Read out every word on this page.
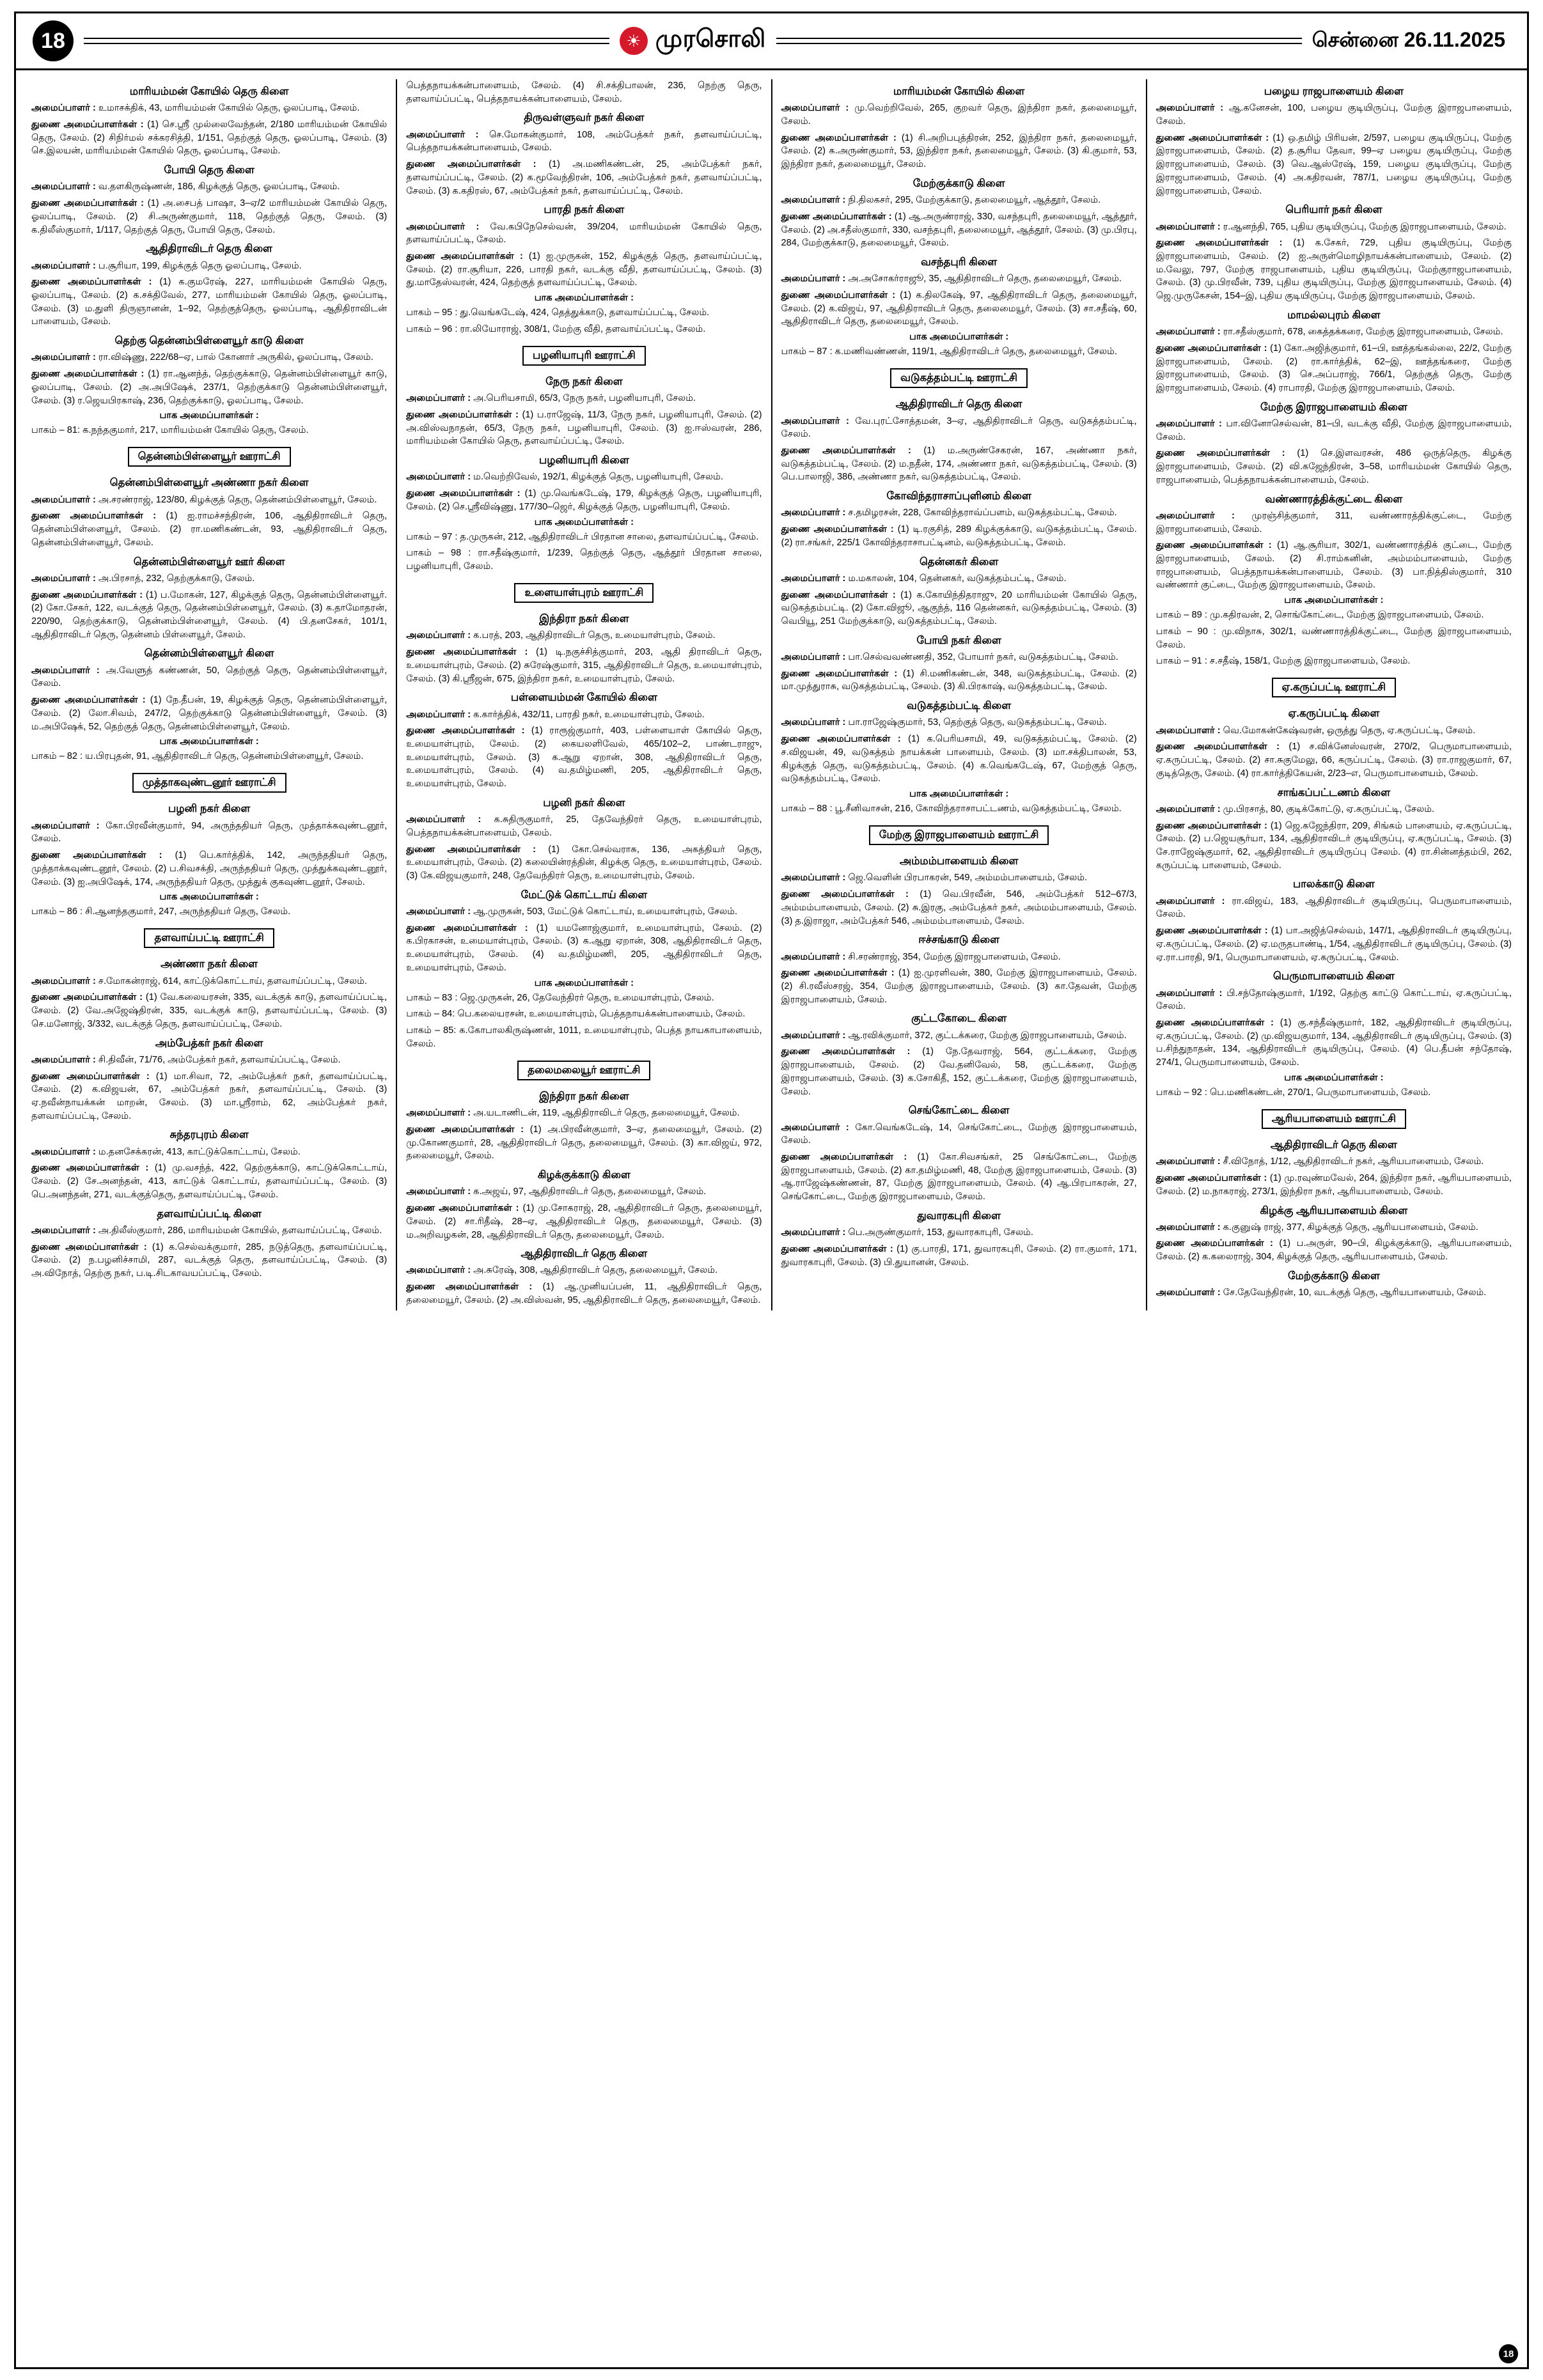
18	☀ முரசொலி	சென்னை 26.11.2025
மாரியம்மன் கோயில் தெரு கிளை

அமைப்பாளர் : உமாசக்திக், 43, மாரியம்மன் கோயில் தெரு, ஓலப்பாடி, சேலம்.

துணை அமைப்பாளர்கள் : (1) செ.ஸ்ரீ முல்லைவேந்தன், 2/180 மாரியம்மன் கோயில் தெரு, சேலம். (2) சிநிர்மல் சக்கரசித்தி, 1/151, தெற்குத் தெரு, ஓலப்பாடி, சேலம். (3) செ.இலயன், மாரியம்மன் கோயில் தெரு, ஓலப்பாடி, சேலம்.

போயி தெரு கிளை

அமைப்பாளர் : வ.தளகிருஷ்ணன், 186, கிழக்குத் தெரு, ஓலப்பாடி, சேலம்.

துணை அமைப்பாளர்கள் : (1) அ.சைபத் பாஷா, 3–ஏ/2 மாரியம்மன் கோயில் தெரு, ஓலப்பாடி, சேலம். (2) சி.அருண்குமார், 118, தெற்குத் தெரு, சேலம். (3) க.திலீஸ்குமார், 1/117, தெற்குத் தெரு, போயி தெரு, சேலம்.

ஆதிதிராவிடர் தெரு கிளை

அமைப்பாளர் : ப.சூரியா, 199, கிழக்குத் தெரு ஓலப்பாடி, சேலம்.

துணை அமைப்பாளர்கள் : (1) க.குமரேஷ், 227, மாரியம்மன் கோயில் தெரு, ஓலப்பாடி, சேலம். (2) க.சக்திவேல், 277, மாரியம்மன் கோயில் தெரு, ஓலப்பாடி, சேலம். (3) ம.துளி திருஞானன், 1–92, தெற்குத்தெரு, ஓலப்பாடி, ஆதிதிராவிடன் பாளையம், சேலம்.

தெற்கு தென்னம்பிள்ளையூர் காடு கிளை

அமைப்பாளர் : ரா.விஷ்ணு, 222/68–ஏ, பால் கோனார் அருகில், ஓலப்பாடி, சேலம்.

துணை அமைப்பாளர்கள் : (1) ரா.ஆனந்த், தெற்குக்காடு, தென்னம்பிள்ளையூர் காடு, ஓலப்பாடி, சேலம். (2) அ.அபிஷேக், 237/1, தெற்குக்காடு தென்னம்பிள்ளையூர், சேலம். (3) ர.ஜெயபிரகாஷ், 236, தெற்குக்காடு, ஓலப்பாடி, சேலம்.

பாக அமைப்பாளர்கள் :

பாகம் – 81: க.நந்தகுமார், 217, மாரியம்மன் கோயில் தெரு, சேலம்.

தென்னம்பிள்ளையூர் ஊராட்சி
தென்னம்பிள்ளையூர் அண்ணா நகர் கிளை

அமைப்பாளர் : அ.சரண்ராஜ், 123/80, கிழக்குத் தெரு, தென்னம்பிள்ளையூர், சேலம்.

துணை அமைப்பாளர்கள் : (1) ஐ.ராமச்சந்திரன், 106, ஆதிதிராவிடர் தெரு, தென்னம்பிள்ளையூர், சேலம். (2) ரா.மணிகண்டன், 93, ஆதிதிராவிடர் தெரு, தென்னம்பிள்ளையூர், சேலம்.

தென்னம்பிள்ளையூர் ஊர் கிளை

அமைப்பாளர் : அ.பிரசாத், 232, தெற்குக்காடு, சேலம்.

துணை அமைப்பாளர்கள் : (1) ப.மோகன், 127, கிழக்குத் தெரு, தென்னம்பிள்ளையூர். (2) கோ.சேகர், 122, வடக்குத் தெரு, தென்னம்பிள்ளையூர், சேலம். (3) க.தாமோதரன், 220/90, தெற்குக்காடு, தென்னம்பிள்ளையூர், சேலம். (4) பி.தனசேகர், 101/1, ஆதிதிராவிடர் தெரு, தென்னம் பிள்ளையூர், சேலம்.

தென்னம்பிள்ளையூர் கிளை

அமைப்பாளர் : அ.வேளுத் கண்ணன், 50, தெற்குத் தெரு, தென்னம்பிள்ளையூர், சேலம்.

துணை அமைப்பாளர்கள் : (1) நே.தீபன், 19, கிழக்குத் தெரு, தென்னம்பிள்ளையூர், சேலம். (2) லோ.சிவம், 247/2, தெற்குக்காடு தென்னம்பிள்ளையூர், சேலம். (3) ம.அபிஷேக், 52, தெற்குத் தெரு, தென்னம்பிள்ளையூர், சேலம்.

பாக அமைப்பாளர்கள் :

பாகம் – 82 : ய.பிரபுதன், 91, ஆதிதிராவிடர் தெரு, தென்னம்பிள்ளையூர், சேலம்.

முத்தாகவுண்டனூர் ஊராட்சி
பழனி நகர் கிளை

அமைப்பாளர் : கோ.பிரவீன்குமார், 94, அருந்ததியர் தெரு, முத்தாக்கவுண்டனூர், சேலம்.

துணை அமைப்பாளர்கள் : (1) பெ.கார்த்திக், 142, அருந்ததியர் தெரு, முத்தாக்கவுண்டனூர், சேலம். (2) ப.சிவசக்தி, அருந்ததியர் தெரு, முத்துக்கவுண்டனூர், சேலம். (3) ஐ.அபிஷேக், 174, அருந்ததியர் தெரு, முத்துக் குகவுண்டனூர், சேலம்.

பாக அமைப்பாளர்கள் :

பாகம் – 86 : சி.ஆனந்தகுமார், 247, அருந்ததியர் தெரு, சேலம்.

தளவாய்பட்டி ஊராட்சி
அண்ணா நகர் கிளை

அமைப்பாளர் : ச.மோகன்ராஜ், 614, காட்டுக்கொட்டாய், தளவாய்ப்பட்டி, சேலம்.

துணை அமைப்பாளர்கள் : (1) வே.கலையரசன், 335, வடக்குக் காடு, தளவாய்ப்பட்டி, சேலம். (2) வே.அஜேஷ்திரன், 335, வடக்குக் காடு, தளவாய்ப்பட்டி, சேலம். (3) செ.மனோஜ், 3/332, வடக்குத் தெரு, தளவாய்ப்பட்டி, சேலம்.

அம்பேத்கர் நகர் கிளை

அமைப்பாளர் : சி.திவீன், 71/76, அம்பேத்கர் நகர், தளவாய்ப்பட்டி, சேலம்.

துணை அமைப்பாளர்கள் : (1) மா.சிவா, 72, அம்பேத்கர் நகர், தளவாய்ப்பட்டி, சேலம். (2) க.விஜயன், 67, அம்பேத்கர் நகர், தளவாய்ப்பட்டி, சேலம். (3) ஏ.நவீன்நாயக்கன் மாறன், சேலம். (3) மா.ஸ்ரீராம், 62, அம்பேத்கர் நகர், தளவாய்ப்பட்டி, சேலம்.

சுந்தரபுரம் கிளை

அமைப்பாளர் : ம.தனசேக்கரன், 413, காட்டுக்கொட்டாய், சேலம்.

துணை அமைப்பாளர்கள் : (1) மு.வசந்த், 422, தெற்குக்காடு, காட்டுக்கொட்டாய், சேலம். (2) சே.அனந்தன், 413, காட்டுக் கொட்டாய், தளவாய்ப்பட்டி, சேலம். (3) பெ.அனந்தன், 271, வடக்குத்தெரு, தளவாய்ப்பட்டி, சேலம்.

தளவாய்ப்பட்டி கிளை

அமைப்பாளர் : அ.திலீஸ்குமார், 286, மாரியம்மன் கோயில், தளவாய்ப்பட்டி, சேலம்.

துணை அமைப்பாளர்கள் : (1) க.செல்வக்குமார், 285, நடுத்தெரு, தளவாய்ப்பட்டி, சேலம். (2) ந.பழனிச்சாமி, 287, வடக்குத் தெரு, தளவாய்ப்பட்டி, சேலம். (3) அ.விநோத், தெற்கு நகர், ப.டி.சிடகாவயப்பட்டி, சேலம்.

பெத்தநாயக்கன்பாளையம், சேலம். (4) சி.சக்திபாலன், 236, நெற்கு தெரு, தளவாய்ப்பட்டி, பெத்தநாயக்கன்பாளையம், சேலம்.

திருவள்ளுவர் நகர் கிளை

அமைப்பாளர் : செ.மோகன்குமார், 108, அம்பேத்கர் நகர், தளவாய்ப்பட்டி, பெத்தநாயக்கன்பாளையம், சேலம்.

துணை அமைப்பாளர்கள் : (1) அ.மணிகண்டன், 25, அம்பேத்கர் நகர், தளவாய்ப்பட்டி, சேலம். (2) க.மூவேந்திரன், 106, அம்பேத்கர் நகர், தளவாய்ப்பட்டி, சேலம். (3) க.கதிரஸ், 67, அம்பேத்கர் நகர், தளவாய்ப்பட்டி, சேலம்.

பாரதி நகர் கிளை

அமைப்பாளர் : வே.கபிநேசெல்வன், 39/204, மாரியம்மன் கோயில் தெரு, தளவாய்ப்பட்டி, சேலம்.

துணை அமைப்பாளர்கள் : (1) ஐ.முருகன், 152, கிழக்குத் தெரு, தளவாய்ப்பட்டி, சேலம். (2) ரா.சூரியா, 226, பாரதி நகர், வடக்கு வீதி, தளவாய்ப்பட்டி, சேலம். (3) து.மாதேஸ்வரன், 424, தெற்குத் தளவாய்ப்பட்டி, சேலம்.

பாக அமைப்பாளர்கள் :

பாகம் – 95 : து.வெங்கடேஷ், 424, தெத்துக்காடு, தளவாய்ப்பட்டி, சேலம்.

பாகம் – 96 : ரா.லியோராஜ், 308/1, மேற்கு வீதி, தளவாய்ப்பட்டி, சேலம்.

பழனியாபுரி ஊராட்சி
நேரு நகர் கிளை

அமைப்பாளர் : அ.பெரியசாமி, 65/3, நேரு நகர், பழனியாபுரி, சேலம்.

துணை அமைப்பாளர்கள் : (1) ப.ராஜேஷ், 11/3, நேரு நகர், பழனியாபுரி, சேலம். (2) அ.விஸ்வநாதன், 65/3, நேரு நகர், பழனியாபுரி, சேலம். (3) ஐ.ஈஸ்வரன், 286, மாரியம்மன் கோயில் தெரு, தளவாய்ப்பட்டி, சேலம்.

பழனியாபுரி கிளை

அமைப்பாளர் : ம.வெற்றிவேல், 192/1, கிழக்குத் தெரு, பழனியாபுரி, சேலம்.

துணை அமைப்பாளர்கள் : (1) மு.வெங்கடேஷ், 179, கிழக்குத் தெரு, பழனியாபுரி, சேலம். (2) செ.ஸ்ரீவிஷ்ணு, 177/30–ஜெர், கிழக்குத் தெரு, பழனியாபுரி, சேலம்.

பாக அமைப்பாளர்கள் :

பாகம் – 97 : த.முருகன், 212, ஆதிதிராவிடர் பிரதான சாலை, தளவாய்ப்பட்டி, சேலம்.

பாகம் – 98 : ரா.சதீஷ்குமார், 1/239, தெற்குத் தெரு, ஆத்தூர் பிரதான சாலை, பழனியாபுரி, சேலம்.

உளையாள்புரம் ஊராட்சி
இந்திரா நகர் கிளை

அமைப்பாளர் : க.பரத், 203, ஆதிதிராவிடர் தெரு, உமையாள்புரம், சேலம்.

துணை அமைப்பாளர்கள் : (1) டி.நகுச்சித்குமார், 203, ஆதி திராவிடர் தெரு, உமையாள்புரம், சேலம். (2) சுரேஷ்குமார், 315, ஆதிதிராவிடர் தெரு, உமையாள்புரம், சேலம். (3) கி.ஸ்ரீஜன், 675, இந்திரா நகர், உமையாள்புரம், சேலம்.

பள்ளையம்மன் கோயில் கிளை

அமைப்பாளர் : க.கார்த்திக், 432/11, பாரதி நகர், உமையாள்புரம், சேலம்.

துணை அமைப்பாளர்கள் : (1) ராரூஜ்குமார், 403, பள்ளையாள் கோயில் தெரு, உமையாள்புரம், சேலம். (2) கையலளிவேல், 465/102–2, பாண்டராஜு, உமையாள்புரம், சேலம். (3) க.ஆறு ஏறான், 308, ஆதிதிராவிடர் தெரு, உமையாள்புரம், சேலம். (4) வ.தமிழ்மணி, 205, ஆதிதிராவிடர் தெரு, உமையாள்புரம், சேலம்.

பழனி நகர் கிளை

அமைப்பாளர் : க.சுதிருகுமார், 25, தேவேந்திரர் தெரு, உமையாள்புரம், பெத்தநாயக்கன்பாளையம், சேலம்.

துணை அமைப்பாளர்கள் : (1) கோ.செல்வராசு, 136, அகத்தியர் தெரு, உமையாள்புரம், சேலம். (2) கலையின்ரத்தின், கிழக்கு தெரு, உமையாள்புரம், சேலம். (3) கே.விஜயகுமார், 248, தேவேந்திரர் தெரு, உமையாள்புரம், சேலம்.

மேட்டுக் கொட்டாய் கிளை

அமைப்பாளர் : ஆ.முருகன், 503, மேட்டுக் கொட்டாய், உமையாள்புரம், சேலம்.

துணை அமைப்பாளர்கள் : (1) யமனோஜ்குமார், உமையாள்புரம், சேலம். (2) க.பிரகாசன், உமையாள்புரம், சேலம். (3) க.ஆறு ஏறான், 308, ஆதிதிராவிடர் தெரு, உமையாள்புரம், சேலம். (4) வ.தமிழ்மணி, 205, ஆதிதிராவிடர் தெரு, உமையாள்புரம், சேலம்.

பாக அமைப்பாளர்கள் :

பாகம் – 83 : ஜெ.முருகன், 26, தேவேந்திரர் தெரு, உமையாள்புரம், சேலம்.

பாகம் – 84: பெ.கலையரசன், உமையாள்புரம், பெத்தநாயக்கன்பாளையம், சேலம்.

பாகம் – 85: க.கோபாலகிருஷ்ணன், 1011, உமையாள்புரம், பெத்த நாயகாபாளையம், சேலம்.

தலைமலையூர் ஊராட்சி
இந்திரா நகர் கிளை

அமைப்பாளர் : அ.யடாணிடன், 119, ஆதிதிராவிடர் தெரு, தலைமையூர், சேலம்.

துணை அமைப்பாளர்கள் : (1) அ.பிரவீன்குமார், 3–ஏ, தலைமையூர், சேலம். (2) மு.கோணகுமார், 28, ஆதிதிராவிடர் தெரு, தலைமையூர், சேலம். (3) கா.விஜய், 972, தலைமையூர், சேலம்.

கிழக்குக்காடு கிளை

அமைப்பாளர் : க.அஜய், 97, ஆதிதிராவிடர் தெரு, தலைமையூர், சேலம்.

துணை அமைப்பாளர்கள் : (1) மு.சோகராஜ், 28, ஆதிதிராவிடர் தெரு, தலைமையூர், சேலம். (2) சா.ரிதீஷ், 28–ஏ, ஆதிதிராவிடர் தெரு, தலைமையூர், சேலம். (3) ம.அறிவழகன், 28, ஆதிதிராவிடர் தெரு, தலைமையூர், சேலம்.

ஆதிதிராவிடர் தெரு கிளை

அமைப்பாளர் : அ.சுரேஷ், 308, ஆதிதிராவிடர் தெரு, தலைமையூர், சேலம்.

துணை அமைப்பாளர்கள் : (1) ஆ.முனியப்பன், 11, ஆதிதிராவிடர் தெரு, தலைமையூர், சேலம். (2) அ.விஸ்வன், 95, ஆதிதிராவிடர் தெரு, தலைமையூர், சேலம்.

மாரியம்மன் கோயில் கிளை

அமைப்பாளர் : மு.வெற்றிவேல், 265, குறவர் தெரு, இந்திரா நகர், தலைமையூர், சேலம்.

துணை அமைப்பாளர்கள் : (1) சி.அறிபபுத்திரன், 252, இந்திரா நகர், தலைமையூர், சேலம். (2) க.அருண்குமார், 53, இந்திரா நகர், தலைமையூர், சேலம். (3) கி.குமார், 53, இந்திரா நகர், தலைமையூர், சேலம்.

மேற்குக்காடு கிளை

அமைப்பாளர் : நி.திலகசர், 295, மேற்குக்காடு, தலைமையூர், ஆத்தூர், சேலம்.

துணை அமைப்பாளர்கள் : (1) ஆ.அருண்ராஜ், 330, வசந்தபுரி, தலைமையூர், ஆத்தூர், சேலம். (2) அ.சதீஸ்குமார், 330, வசந்தபுரி, தலைமையூர், ஆத்தூர், சேலம். (3) மு.பிரபு, 284, மேற்குக்காடு, தலைமையூர், சேலம்.

வசந்தபுரி கிளை

அமைப்பாளர் : அ.அசோகர்ராஜூ, 35, ஆதிதிராவிடர் தெரு, தலைமையூர், சேலம்.

துணை அமைப்பாளர்கள் : (1) க.திலகேஷ், 97, ஆதிதிராவிடர் தெரு, தலைமையூர், சேலம். (2) க.விஜய், 97, ஆதிதிராவிடர் தெரு, தலைமையூர், சேலம். (3) சா.சதீஷ், 60, ஆதிதிராவிடர் தெரு, தலைமையூர், சேலம்.

பாக அமைப்பாளர்கள் :

பாகம் – 87 : க.மணிவண்ணன், 119/1, ஆதிதிராவிடர் தெரு, தலைமையூர், சேலம்.

வடுகத்தம்பட்டி ஊராட்சி
ஆதிதிராவிடர் தெரு கிளை

அமைப்பாளர் : வே.புரட்சோத்தமன், 3–ஏ, ஆதிதிராவிடர் தெரு, வடுகத்தம்பட்டி, சேலம்.

துணை அமைப்பாளர்கள் : (1) ம.அருண்சேகரன், 167, அண்ணா நகர், வடுகத்தம்பட்டி, சேலம். (2) ம.நதீன், 174, அண்ணா நகர், வடுகத்தம்பட்டி, சேலம். (3) பெ.பாலாஜி, 386, அண்ணா நகர், வடுகத்தம்பட்டி, சேலம்.

கோவிந்தராசாப்புளினம் கிளை

அமைப்பாளர் : ச.தமிழரசன், 228, கோவிந்தராவ்ப்பளம், வடுகத்தம்பட்டி, சேலம்.

துணை அமைப்பாளர்கள் : (1) டி.ரகுசித், 289 கிழக்குக்காடு, வடுகத்தம்பட்டி, சேலம். (2) ரா.சங்கர், 225/1 கோவிந்தராசாபட்டினம், வடுகத்தம்பட்டி, சேலம்.

தென்னகர் கிளை

அமைப்பாளர் : ம.மகாலன், 104, தென்னகர், வடுகத்தம்பட்டி, சேலம்.

துணை அமைப்பாளர்கள் : (1) க.கோயிந்திதராஜு, 20 மாரியம்மன் கோயில் தெரு, வடுகத்தம்பட்டி. (2) கோ.விஜூ, ஆகுந்த், 116 தென்னகர், வடுகத்தம்பட்டி, சேலம். (3) வெபியூ, 251 மேற்குக்காடு, வடுகத்தம்பட்டி, சேலம்.

போயி நகர் கிளை

அமைப்பாளர் : பா.செல்வவண்ணதி, 352, போயார் நகர், வடுகத்தம்பட்டி, சேலம்.

துணை அமைப்பாளர்கள் : (1) சி.மணிகண்டன், 348, வடுகத்தம்பட்டி, சேலம். (2) மா.முத்துராசு, வடுகத்தம்பட்டி, சேலம். (3) கி.பிரகாஷ், வடுகத்தம்பட்டி, சேலம்.

வடுகத்தம்பட்டி கிளை

அமைப்பாளர் : பா.ராஜேஷ்குமார், 53, தெற்குத் தெரு, வடுகத்தம்பட்டி, சேலம்.

துணை அமைப்பாளர்கள் : (1) க.பெரியசாமி, 49, வடுகத்தம்பட்டி, சேலம். (2) ச.விஜயன், 49, வடுகத்தம் நாயக்கன் பாளையம், சேலம். (3) மா.சக்திபாலன், 53, கிழக்குத் தெரு, வடுகத்தம்பட்டி, சேலம். (4) க.வெங்கடேஷ், 67, மேற்குத் தெரு, வடுகத்தம்பட்டி, சேலம்.

பாக அமைப்பாளர்கள் :

பாகம் – 88 : பூ.சீனிவாசன், 216, கோவிந்தராசாபட்டணம், வடுகத்தம்பட்டி, சேலம்.

மேற்கு இராஜபாளையம் ஊராட்சி
அம்மம்பாளையம் கிளை

அமைப்பாளர் : ஜெ.வெளின் பிரபாகரன், 549, அம்மம்பாளையம், சேலம்.

துணை அமைப்பாளர்கள் : (1) வெ.பிரவீன், 546, அம்பேத்கர் 512–67/3, அம்மம்பாளையம், சேலம். (2) சு.இரகு, அம்பேத்கர் நகர், அம்மம்பாளையம், சேலம். (3) த.இராஜா, அம்பேத்கர் 546, அம்மம்பாளையம், சேலம்.

ஈச்சங்காடு கிளை

அமைப்பாளர் : சி.சரண்ராஜ், 354, மேற்கு இராஜபாளையம், சேலம்.

துணை அமைப்பாளர்கள் : (1) ஐ.முரளிவன், 380, மேற்கு இராஜபாளையம், சேலம். (2) சி.ரவீஸ்சரஜ், 354, மேற்கு இராஜபாளையம், சேலம். (3) கா.தேவன், மேற்கு இராஜபாளையம், சேலம்.

குட்டகோடை கிளை

அமைப்பாளர் : ஆ.ரவிக்குமார், 372, குட்டக்கரை, மேற்கு இராஜபாளையம், சேலம்.

துணை அமைப்பாளர்கள் : (1) நே.தேவராஜ், 564, குட்டக்கரை, மேற்கு இராஜபாளையம், சேலம். (2) வே.தனிவேல், 58, குட்டக்கரை, மேற்கு இராஜபாளையம், சேலம். (3) க.சோகிதீ, 152, குட்டக்கரை, மேற்கு இராஜபாளையம், சேலம்.

செங்கோட்டை கிளை

அமைப்பாளர் : கோ.வெங்கடேஷ், 14, செங்கோட்டை, மேற்கு இராஜபாளையம், சேலம்.

துணை அமைப்பாளர்கள் : (1) கோ.சிவசங்கர், 25 செங்கோட்டை, மேற்கு இராஜபாளையம், சேலம். (2) கா.தமிழ்மணி, 48, மேற்கு இராஜபாளையம், சேலம். (3) ஆ.ராஜேஷ்கண்ணன், 87, மேற்கு இராஜபாளையம், சேலம். (4) ஆ.பிரபாகரன், 27, செங்கோட்டை, மேற்கு இராஜபாளையம், சேலம்.

துவாரகபுரி கிளை

அமைப்பாளர் : பெ.அருண்குமார், 153, துவாரகாபுரி, சேலம்.

துணை அமைப்பாளர்கள் : (1) கு.பாரதி, 171, துவாரகபுரி, சேலம். (2) ரா.குமார், 171, துவாரகாபுரி, சேலம். (3) பி.துயானன், சேலம்.

பழைய ராஜபாளையம் கிளை

அமைப்பாளர் : ஆ.கனேசன், 100, பழைய குடியிருப்பு, மேற்கு இராஜபாளையம், சேலம்.

துணை அமைப்பாளர்கள் : (1) ஒ.தமிழ் பிரியன், 2/597, பழைய குடியிருப்பு, மேற்கு இராஜபாளையம், சேலம். (2) த.சூரிய தேவா, 99–ஏ பழைய குடியிருப்பு, மேற்கு இராஜபாளையம், சேலம். (3) வெ.ஆஸ்ரேஷ், 159, பழைய குடியிருப்பு, மேற்கு இராஜபாளையம், சேலம். (4) அ.கதிரவன், 787/1, பழைய குடியிருப்பு, மேற்கு இராஜபாளையம், சேலம்.

பெரியார் நகர் கிளை

அமைப்பாளர் : ர.ஆனந்தி, 765, புதிய குடியிருப்பு, மேற்கு இராஜபாளையம், சேலம்.

துணை அமைப்பாளர்கள் : (1) க.சேகர், 729, புதிய குடியிருப்பு, மேற்கு இராஜபாளையம், சேலம். (2) ஐ.அருள்மொழிநாயக்கன்பாளையம், சேலம். (2) ம.வேலு, 797, மேற்கு ராஜபாளையம், புதிய குடியிருப்பு, மேற்குராஜபாளையம், சேலம். (3) மு.பிரவீன், 739, புதிய குடியிருப்பு, மேற்கு இராஜபாளையம், சேலம். (4) ஜெ.முருகேசன், 154–இ, புதிய குடியிருப்பு, மேற்கு இராஜபாளையம், சேலம்.

மாமல்லபுரம் கிளை

அமைப்பாளர் : ரா.சதீஸ்குமார், 678, கைத்தக்கரை, மேற்கு இராஜபாளையம், சேலம்.

துணை அமைப்பாளர்கள் : (1) கோ.அஜித்குமார், 61–பி, ஊத்தங்கல்லை, 22/2, மேற்கு இராஜபாளையம், சேலம். (2) ரா.கார்த்திக், 62–இ, ஊத்தங்கரை, மேற்கு இராஜபாளையம், சேலம். (3) செ.அப்பராஜ், 766/1, தெற்குத் தெரு, மேற்கு இராஜபாளையம், சேலம். (4) ராபாரதி, மேற்கு இராஜபாளையம், சேலம்.

மேற்கு இராஜபாளையம் கிளை

அமைப்பாளர் : பா.வினோசெல்வன், 81–பி, வடக்கு வீதி, மேற்கு இராஜபாளையம், சேலம்.

துணை அமைப்பாளர்கள் : (1) செ.இளவரசன், 486 ஒருத்தெரு, கிழக்கு இராஜபாளையம், சேலம். (2) வி.கஜேந்திரன், 3–58, மாரியம்மன் கோயில் தெரு, ராஜபாளையம், பெத்தநாயக்கன்பாளையம், சேலம்.

வண்ணாரத்திக்குட்டை கிளை

அமைப்பாளர் : முரஞ்சித்குமார், 311, வண்ணாரத்திக்குட்டை, மேற்கு இராஜபாளையம், சேலம்.

துணை அமைப்பாளர்கள் : (1) ஆ.சூரியா, 302/1, வண்ணாரத்திக் குட்டை, மேற்கு இராஜபாளையம், சேலம். (2) சி.ராம்கனின், அம்மம்பாளையம், மேற்கு ராஜபாளையம், பெத்தநாயக்கன்பாளையம், சேலம். (3) பா.நித்திஸ்குமார், 310 வண்ணார் குட்டை, மேற்கு இராஜபாளையம், சேலம்.

பாக அமைப்பாளர்கள் :

பாகம் – 89 : மு.கதிரவன், 2, சொங்கோட்டை, மேற்கு இராஜபாளையம், சேலம்.

பாகம் – 90 : மு.விநாசு, 302/1, வண்ணாரத்திக்குட்டை, மேற்கு இராஜபாளையம், சேலம்.

பாகம் – 91 : ச.சதீஷ், 158/1, மேற்கு இராஜபாளையம், சேலம்.

ஏ.கருப்பட்டி ஊராட்சி
ஏ.கருப்பட்டி கிளை

அமைப்பாளர் : வெ.மோகன்கேஷ்வரன், ஒருத்து தெரு, ஏ.கருப்பட்டி, சேலம்.

துணை அமைப்பாளர்கள் : (1) ச.விக்னேஸ்வரன், 270/2, பெருமாபாளையம், ஏ.கருப்பட்டி, சேலம். (2) சா.சுகுமேலு, 66, கருப்பட்டி, சேலம். (3) ரா.ராஜகுமார், 67, குடித்தெரு, சேலம். (4) ரா.கார்த்திகேயன், 2/23–எ, பெருமாபாளையம், சேலம்.

சாங்கப்பட்டணம் கிளை

அமைப்பாளர் : மு.பிரசாத், 80, குடிக்கோட்டு, ஏ.கருப்பட்டி, சேலம்.

துணை அமைப்பாளர்கள் : (1) ஜெ.கஜேந்திரா, 209, சிங்கம் பாளையம், ஏ.கருப்பட்டி, சேலம். (2) ப.ஜெயசூர்யா, 134, ஆதிதிராவிடர் குடியிருப்பு, ஏ.கருப்பட்டி, சேலம். (3) சே.ராஜேஷ்குமார், 62, ஆதிதிராவிடர் குடியிருப்பு சேலம். (4) ரா.சின்னத்தம்பி, 262, கருப்பட்டி பாளையம், சேலம்.

பாலக்காடு கிளை

அமைப்பாளர் : ரா.விஜய், 183, ஆதிதிராவிடர் குடியிருப்பு, பெருமாபாளையம், சேலம்.

துணை அமைப்பாளர்கள் : (1) பா.அஜித்செல்வம், 147/1, ஆதிதிராவிடர் குடியிருப்பு, ஏ.கருப்பட்டி, சேலம். (2) ஏ.மருதபாண்டி, 1/54, ஆதிதிராவிடர் குடியிருப்பு, சேலம். (3) ஏ.ரா.பாரதி, 9/1, பெருமாபாளையம், ஏ.கருப்பட்டி, சேலம்.

பெருமாபாளையம் கிளை

அமைப்பாளர் : பி.சந்தோஷ்குமார், 1/192, தெற்கு காட்டு கொட்டாய், ஏ.கருப்பட்டி, சேலம்.

துணை அமைப்பாளர்கள் : (1) கு.சந்தீஷ்குமார், 182, ஆதிதிராவிடர் குடியிருப்பு, ஏ.கருப்பட்டி, சேலம். (2) மு.விஜயகுமார், 134, ஆதிதிராவிடர் குடியிருப்பு, சேலம். (3) ப.சிந்துநாதன், 134, ஆதிதிராவிடர் குடியிருப்பு, சேலம். (4) பெ.தீபன் சந்தோஷ், 274/1, பெருமாபாளையம், சேலம்.

பாக அமைப்பாளர்கள் :

பாகம் – 92 : பெ.மணிகண்டன், 270/1, பெருமாபாளையம், சேலம்.

ஆரியபாளையம் ஊராட்சி
ஆதிதிராவிடர் தெரு கிளை

அமைப்பாளர் : சீ.விநோத், 1/12, ஆதிதிராவிடர் நகர், ஆரியபாளையம், சேலம்.

துணை அமைப்பாளர்கள் : (1) மு.ரவுண்மவேல், 264, இந்திரா நகர், ஆரியபாளையம், சேலம். (2) ம.நாகராஜ், 273/1, இந்திரா நகர், ஆரியபாளையம், சேலம்.

கிழக்கு ஆரியபாளையம் கிளை

அமைப்பாளர் : க.குனுஷ் ராஜ், 377, கிழக்குத் தெரு, ஆரியபாளையம், சேலம்.

துணை அமைப்பாளர்கள் : (1) ப.அருள், 90–பி, கிழக்குக்காடு, ஆரியபாளையம், சேலம். (2) க.கலைராஜ், 304, கிழக்குத் தெரு, ஆரியபாளையம், சேலம்.

மேற்குக்காடு கிளை

அமைப்பாளர் : சே.தேவேந்திரன், 10, வடக்குத் தெரு, ஆரியபாளையம், சேலம்.

18
